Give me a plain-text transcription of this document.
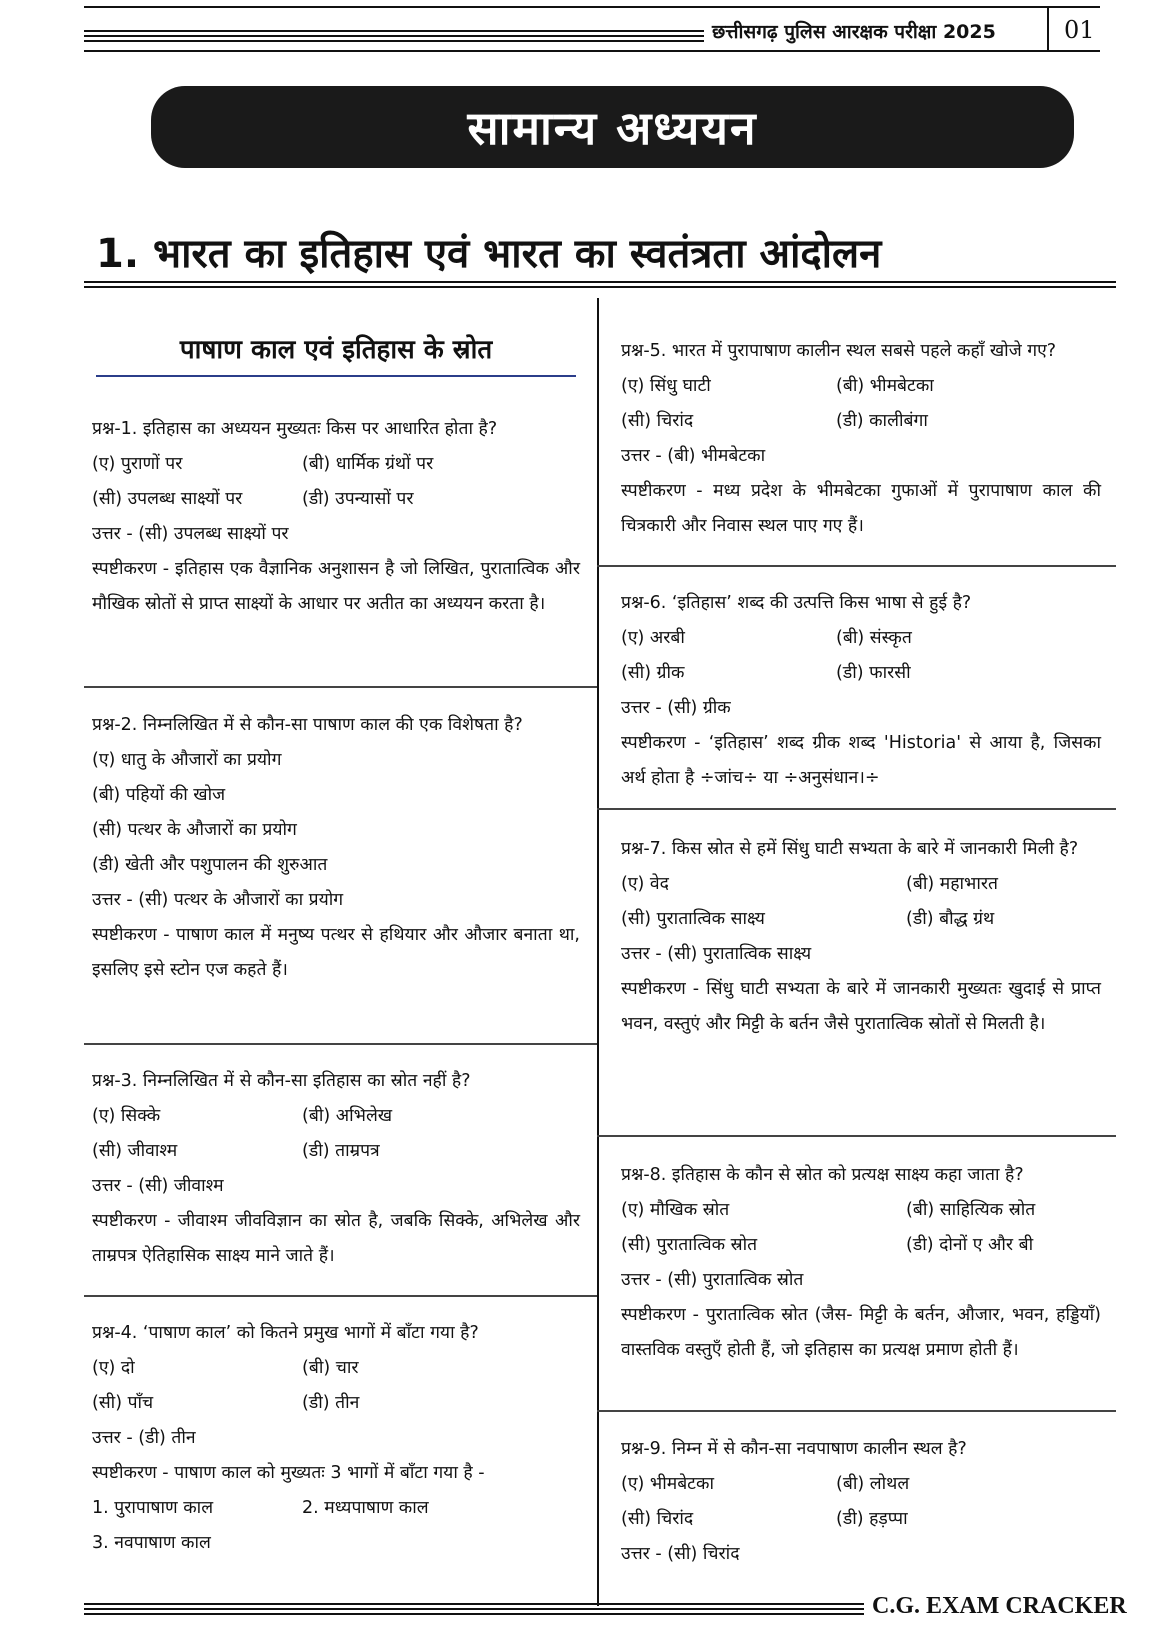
छत्तीसगढ़ पुलिस आरक्षक परीक्षा 2025	01
सामान्य अध्ययन
1. भारत का इतिहास एवं भारत का स्वतंत्रता आंदोलन
पाषाण काल एवं इतिहास के स्रोत

प्रश्न-1. इतिहास का अध्ययन मुख्यतः किस पर आधारित होता है?

(ए) पुराणों पर	(बी) धार्मिक ग्रंथों पर
(सी) उपलब्ध साक्ष्यों पर	(डी) उपन्यासों पर

उत्तर - (सी) उपलब्ध साक्ष्यों पर

स्पष्टीकरण - इतिहास एक वैज्ञानिक अनुशासन है जो लिखित, पुरातात्विक और मौखिक स्रोतों से प्राप्त साक्ष्यों के आधार पर अतीत का अध्ययन करता है।

प्रश्न-2. निम्नलिखित में से कौन-सा पाषाण काल की एक विशेषता है?

(ए) धातु के औजारों का प्रयोग

(बी) पहियों की खोज

(सी) पत्थर के औजारों का प्रयोग

(डी) खेती और पशुपालन की शुरुआत

उत्तर - (सी) पत्थर के औजारों का प्रयोग

स्पष्टीकरण - पाषाण काल में मनुष्य पत्थर से हथियार और औजार बनाता था, इसलिए इसे स्टोन एज कहते हैं।

प्रश्न-3. निम्नलिखित में से कौन-सा इतिहास का स्रोत नहीं है?

(ए) सिक्के	(बी) अभिलेख
(सी) जीवाश्म	(डी) ताम्रपत्र

उत्तर - (सी) जीवाश्म

स्पष्टीकरण - जीवाश्म जीवविज्ञान का स्रोत है, जबकि सिक्के, अभिलेख और ताम्रपत्र ऐतिहासिक साक्ष्य माने जाते हैं।

प्रश्न-4. ‘पाषाण काल’ को कितने प्रमुख भागों में बाँटा गया है?

(ए) दो	(बी) चार
(सी) पाँच	(डी) तीन

उत्तर - (डी) तीन

स्पष्टीकरण - पाषाण काल को मुख्यतः 3 भागों में बाँटा गया है -

1. पुरापाषाण काल	2. मध्यपाषाण काल

3. नवपाषाण काल

प्रश्न-5. भारत में पुरापाषाण कालीन स्थल सबसे पहले कहाँ खोजे गए?

(ए) सिंधु घाटी	(बी) भीमबेटका
(सी) चिरांद	(डी) कालीबंगा

उत्तर - (बी) भीमबेटका

स्पष्टीकरण - मध्य प्रदेश के भीमबेटका गुफाओं में पुरापाषाण काल की चित्रकारी और निवास स्थल पाए गए हैं।

प्रश्न-6. ‘इतिहास’ शब्द की उत्पत्ति किस भाषा से हुई है?

(ए) अरबी	(बी) संस्कृत
(सी) ग्रीक	(डी) फारसी

उत्तर - (सी) ग्रीक

स्पष्टीकरण - ‘इतिहास’ शब्द ग्रीक शब्द 'Historia' से आया है, जिसका अर्थ होता है ÷जांच÷ या ÷अनुसंधान।÷

प्रश्न-7. किस स्रोत से हमें सिंधु घाटी सभ्यता के बारे में जानकारी मिली है?

(ए) वेद	(बी) महाभारत
(सी) पुरातात्विक साक्ष्य	(डी) बौद्ध ग्रंथ

उत्तर - (सी) पुरातात्विक साक्ष्य

स्पष्टीकरण - सिंधु घाटी सभ्यता के बारे में जानकारी मुख्यतः खुदाई से प्राप्त भवन, वस्तुएं और मिट्टी के बर्तन जैसे पुरातात्विक स्रोतों से मिलती है।

प्रश्न-8. इतिहास के कौन से स्रोत को प्रत्यक्ष साक्ष्य कहा जाता है?

(ए) मौखिक स्रोत	(बी) साहित्यिक स्रोत
(सी) पुरातात्विक स्रोत	(डी) दोनों ए और बी

उत्तर - (सी) पुरातात्विक स्रोत

स्पष्टीकरण - पुरातात्विक स्रोत (जैस- मिट्टी के बर्तन, औजार, भवन, हड्डियाँ) वास्तविक वस्तुएँ होती हैं, जो इतिहास का प्रत्यक्ष प्रमाण होती हैं।

प्रश्न-9. निम्न में से कौन-सा नवपाषाण कालीन स्थल है?

(ए) भीमबेटका	(बी) लोथल
(सी) चिरांद	(डी) हड़प्पा

उत्तर - (सी) चिरांद

C.G. EXAM CRACKER
